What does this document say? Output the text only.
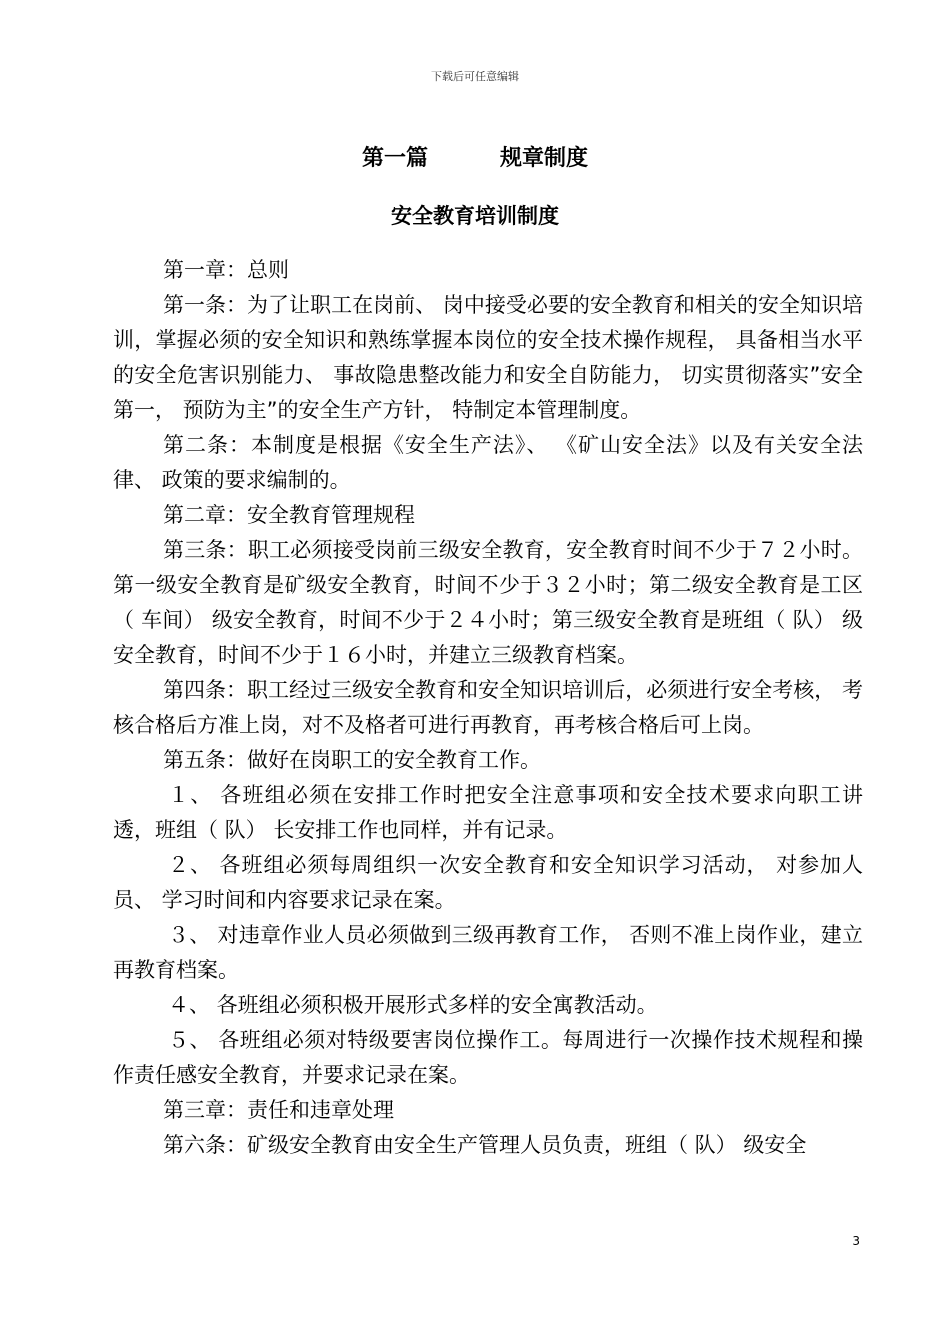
下载后可任意编辑
第一篇	规章制度
安全教育培训制度

第一章：总则

第一条：为了让职工在岗前、 岗中接受必要的安全教育和相关的安全知识培训，掌握必须的安全知识和熟练掌握本岗位的安全技术操作规程， 具备相当水平的安全危害识别能力、 事故隐患整改能力和安全自防能力， 切实贯彻落实”安全第一， 预防为主”的安全生产方针， 特制定本管理制度。

第二条：本制度是根据《安全生产法》、 《矿山安全法》以及有关安全法律、 政策的要求编制的。

第二章：安全教育管理规程

第三条：职工必须接受岗前三级安全教育，安全教育时间不少于７２小时。第一级安全教育是矿级安全教育，时间不少于３２小时；第二级安全教育是工区（ 车间） 级安全教育，时间不少于２４小时；第三级安全教育是班组（ 队） 级安全教育，时间不少于１６小时，并建立三级教育档案。

第四条：职工经过三级安全教育和安全知识培训后，必须进行安全考核， 考核合格后方准上岗，对不及格者可进行再教育，再考核合格后可上岗。

第五条：做好在岗职工的安全教育工作。

１、 各班组必须在安排工作时把安全注意事项和安全技术要求向职工讲透，班组（ 队） 长安排工作也同样，并有记录。

２、 各班组必须每周组织一次安全教育和安全知识学习活动， 对参加人员、 学习时间和内容要求记录在案。

３、 对违章作业人员必须做到三级再教育工作， 否则不准上岗作业，建立再教育档案。

４、 各班组必须积极开展形式多样的安全寓教活动。

５、 各班组必须对特级要害岗位操作工。每周进行一次操作技术规程和操作责任感安全教育，并要求记录在案。

第三章：责任和违章处理

第六条：矿级安全教育由安全生产管理人员负责，班组（ 队） 级安全

3
